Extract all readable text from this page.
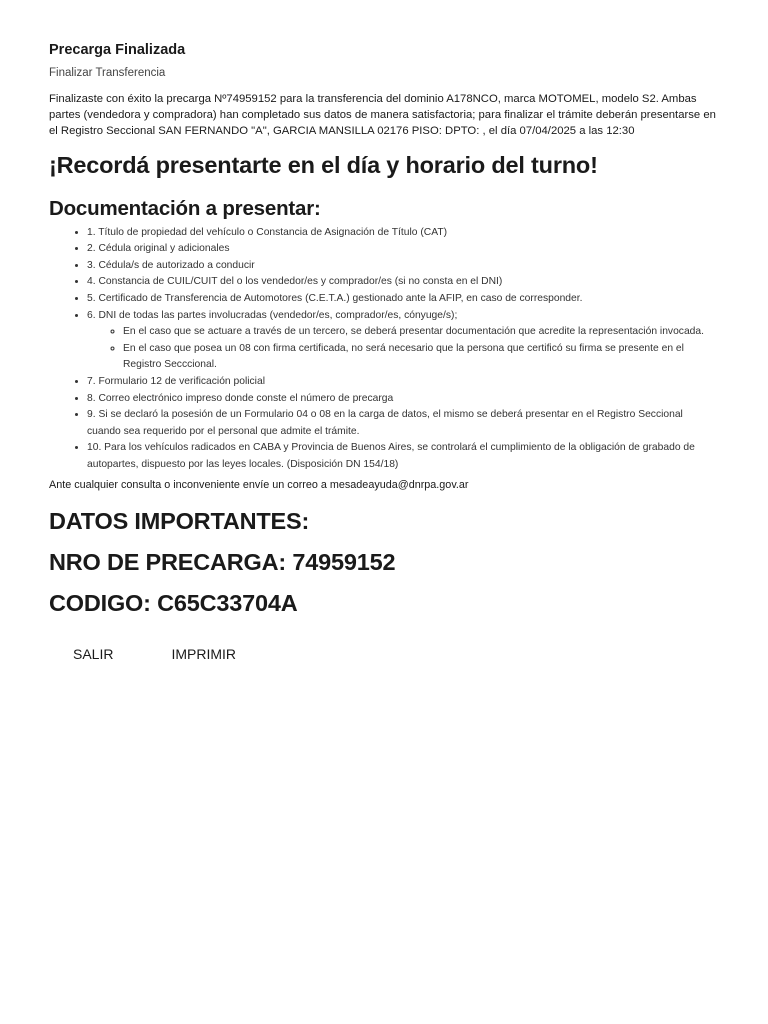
Precarga Finalizada
Finalizar Transferencia

Finalizaste con éxito la precarga Nº74959152 para la transferencia del dominio A178NCO, marca MOTOMEL, modelo S2. Ambas partes (vendedora y compradora) han completado sus datos de manera satisfactoria; para finalizar el trámite deberán presentarse en el Registro Seccional SAN FERNANDO "A", GARCIA MANSILLA 02176 PISO: DPTO: , el día 07/04/2025 a las 12:30

¡Recordá presentarte en el día y horario del turno!
Documentación a presentar:
• 1. Título de propiedad del vehículo o Constancia de Asignación de Título (CAT)
• 2. Cédula original y adicionales
• 3. Cédula/s de autorizado a conducir
• 4. Constancia de CUIL/CUIT del o los vendedor/es y comprador/es (si no consta en el DNI)
• 5. Certificado de Transferencia de Automotores (C.E.T.A.) gestionado ante la AFIP, en caso de corresponder.
• 6. DNI de todas las partes involucradas (vendedor/es, comprador/es, cónyuge/s);
◦ En el caso que se actuare a través de un tercero, se deberá presentar documentación que acredite la representación invocada.
◦ En el caso que posea un 08 con firma certificada, no será necesario que la persona que certificó su firma se presente en el Registro Secccional.
• 7. Formulario 12 de verificación policial
• 8. Correo electrónico impreso donde conste el número de precarga
• 9. Si se declaró la posesión de un Formulario 04 o 08 en la carga de datos, el mismo se deberá presentar en el Registro Seccional cuando sea requerido por el personal que admite el trámite.
• 10. Para los vehículos radicados en CABA y Provincia de Buenos Aires, se controlará el cumplimiento de la obligación de grabado de autopartes, dispuesto por las leyes locales. (Disposición DN 154/18)

Ante cualquier consulta o inconveniente envíe un correo a mesadeayuda@dnrpa.gov.ar

DATOS IMPORTANTES:
NRO DE PRECARGA: 74959152
CODIGO: C65C33704A
SALIR	IMPRIMIR
